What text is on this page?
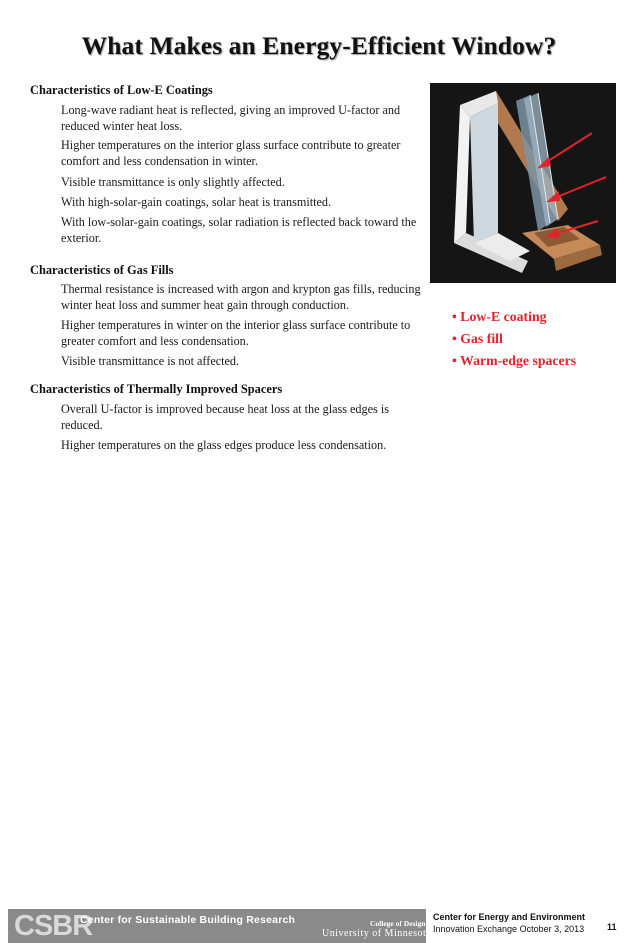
What Makes an Energy-Efficient Window?
Characteristics of Low-E Coatings
Long-wave radiant heat is reflected, giving an improved U-factor and reduced winter heat loss.
Higher temperatures on the interior glass surface contribute to greater comfort and less condensation in winter.
Visible transmittance is only slightly affected.
With high-solar-gain coatings, solar heat is transmitted.
With low-solar-gain coatings, solar radiation is reflected back toward the exterior.
Characteristics of Gas Fills
Thermal resistance is increased with argon and krypton gas fills, reducing winter heat loss and summer heat gain through conduction.
Higher temperatures in winter on the interior glass surface contribute to greater comfort and less condensation.
Visible transmittance is not affected.
Characteristics of Thermally Improved Spacers
Overall U-factor is improved because heat loss at the glass edges is reduced.
Higher temperatures on the glass edges produce less condensation.
• Low-E coating
• Gas fill
• Warm-edge spacers
CSBR
Center for Sustainable Building Research	College of Design
University of Minnesota
Center for Energy and Environment
Innovation Exchange October 3, 2013	11
